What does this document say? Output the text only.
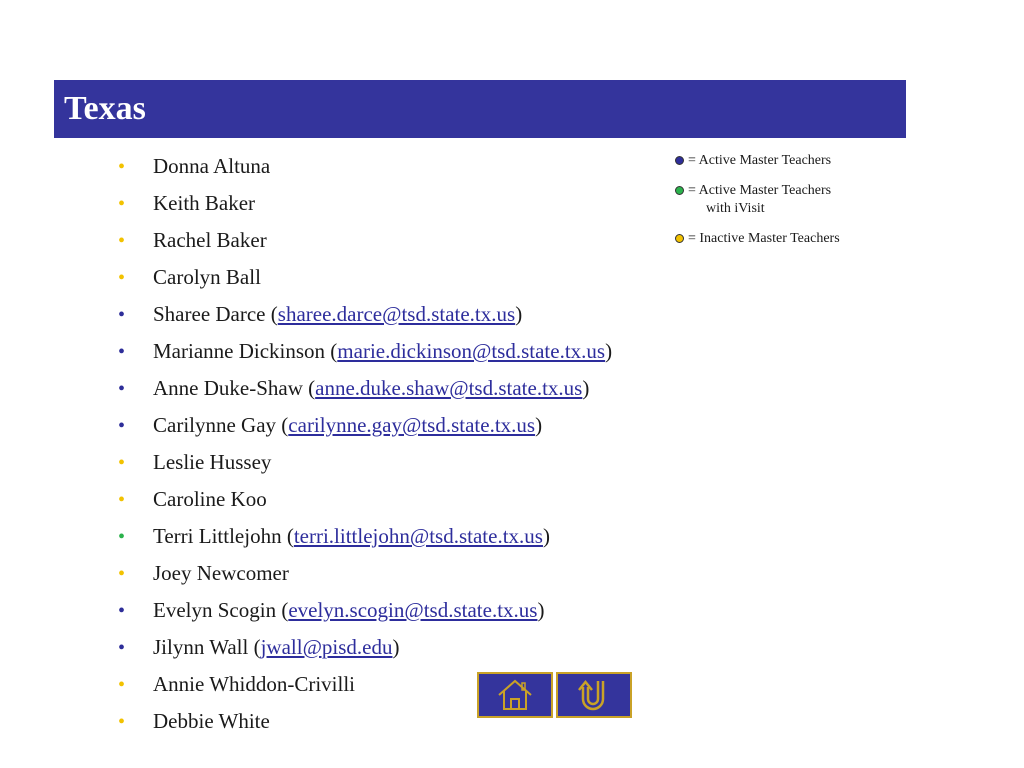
Texas
• Donna Altuna
• Keith Baker
• Rachel Baker
• Carolyn Ball
• Sharee Darce (sharee.darce@tsd.state.tx.us)
• Marianne Dickinson (marie.dickinson@tsd.state.tx.us)
• Anne Duke-Shaw (anne.duke.shaw@tsd.state.tx.us)
• Carilynne Gay (carilynne.gay@tsd.state.tx.us)
• Leslie Hussey
• Caroline Koo
• Terri Littlejohn (terri.littlejohn@tsd.state.tx.us)
• Joey Newcomer
• Evelyn Scogin (evelyn.scogin@tsd.state.tx.us)
• Jilynn Wall (jwall@pisd.edu)
• Annie Whiddon-Crivilli
• Debbie White
= Active Master Teachers
= Active Master Teachers
with iVisit
= Inactive Master Teachers
